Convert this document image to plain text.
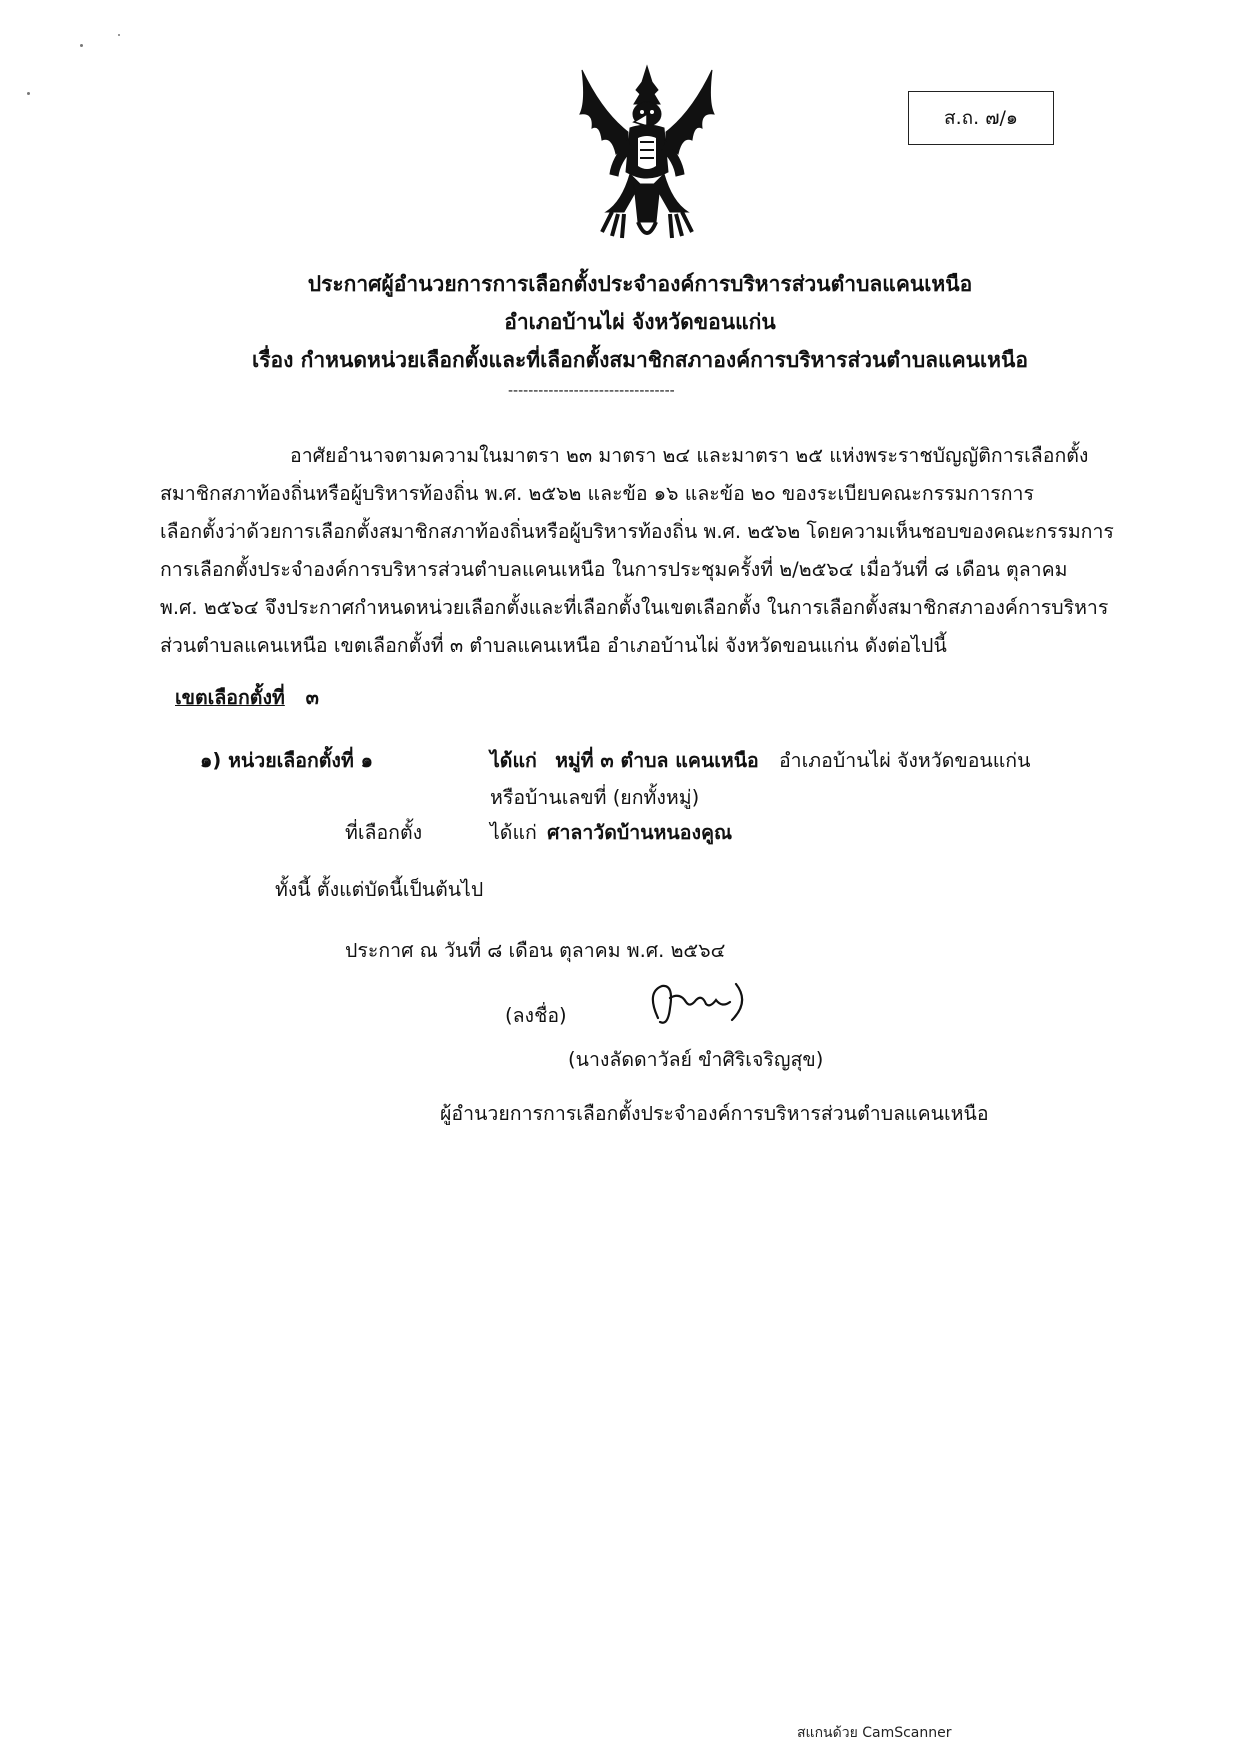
ส.ถ. ๗/๑
ประกาศผู้อำนวยการการเลือกตั้งประจำองค์การบริหารส่วนตำบลแคนเหนือ
อำเภอบ้านไผ่ จังหวัดขอนแก่น
เรื่อง กำหนดหน่วยเลือกตั้งและที่เลือกตั้งสมาชิกสภาองค์การบริหารส่วนตำบลแคนเหนือ
---------------------------------
อาศัยอำนาจตามความในมาตรา ๒๓ มาตรา ๒๔ และมาตรา ๒๕ แห่งพระราชบัญญัติการเลือกตั้ง
สมาชิกสภาท้องถิ่นหรือผู้บริหารท้องถิ่น พ.ศ. ๒๕๖๒ และข้อ ๑๖ และข้อ ๒๐ ของระเบียบคณะกรรมการการ
เลือกตั้งว่าด้วยการเลือกตั้งสมาชิกสภาท้องถิ่นหรือผู้บริหารท้องถิ่น พ.ศ. ๒๕๖๒ โดยความเห็นชอบของคณะกรรมการ
การเลือกตั้งประจำองค์การบริหารส่วนตำบลแคนเหนือ ในการประชุมครั้งที่ ๒/๒๕๖๔ เมื่อวันที่ ๘ เดือน ตุลาคม
พ.ศ. ๒๕๖๔ จึงประกาศกำหนดหน่วยเลือกตั้งและที่เลือกตั้งในเขตเลือกตั้ง ในการเลือกตั้งสมาชิกสภาองค์การบริหาร
ส่วนตำบลแคนเหนือ เขตเลือกตั้งที่ ๓ ตำบลแคนเหนือ อำเภอบ้านไผ่ จังหวัดขอนแก่น ดังต่อไปนี้
เขตเลือกตั้งที่ ๓
๑) หน่วยเลือกตั้งที่ ๑	ได้แก่ หมู่ที่ ๓ ตำบล แคนเหนือ อำเภอบ้านไผ่ จังหวัดขอนแก่น
หรือบ้านเลขที่ (ยกทั้งหมู่)
ที่เลือกตั้ง	ได้แก่ ศาลาวัดบ้านหนองคูณ
ทั้งนี้ ตั้งแต่บัดนี้เป็นต้นไป
ประกาศ ณ วันที่ ๘ เดือน ตุลาคม พ.ศ. ๒๕๖๔
(ลงชื่อ)
(นางลัดดาวัลย์ ขำศิริเจริญสุข)
ผู้อำนวยการการเลือกตั้งประจำองค์การบริหารส่วนตำบลแคนเหนือ
สแกนด้วย CamScanner
